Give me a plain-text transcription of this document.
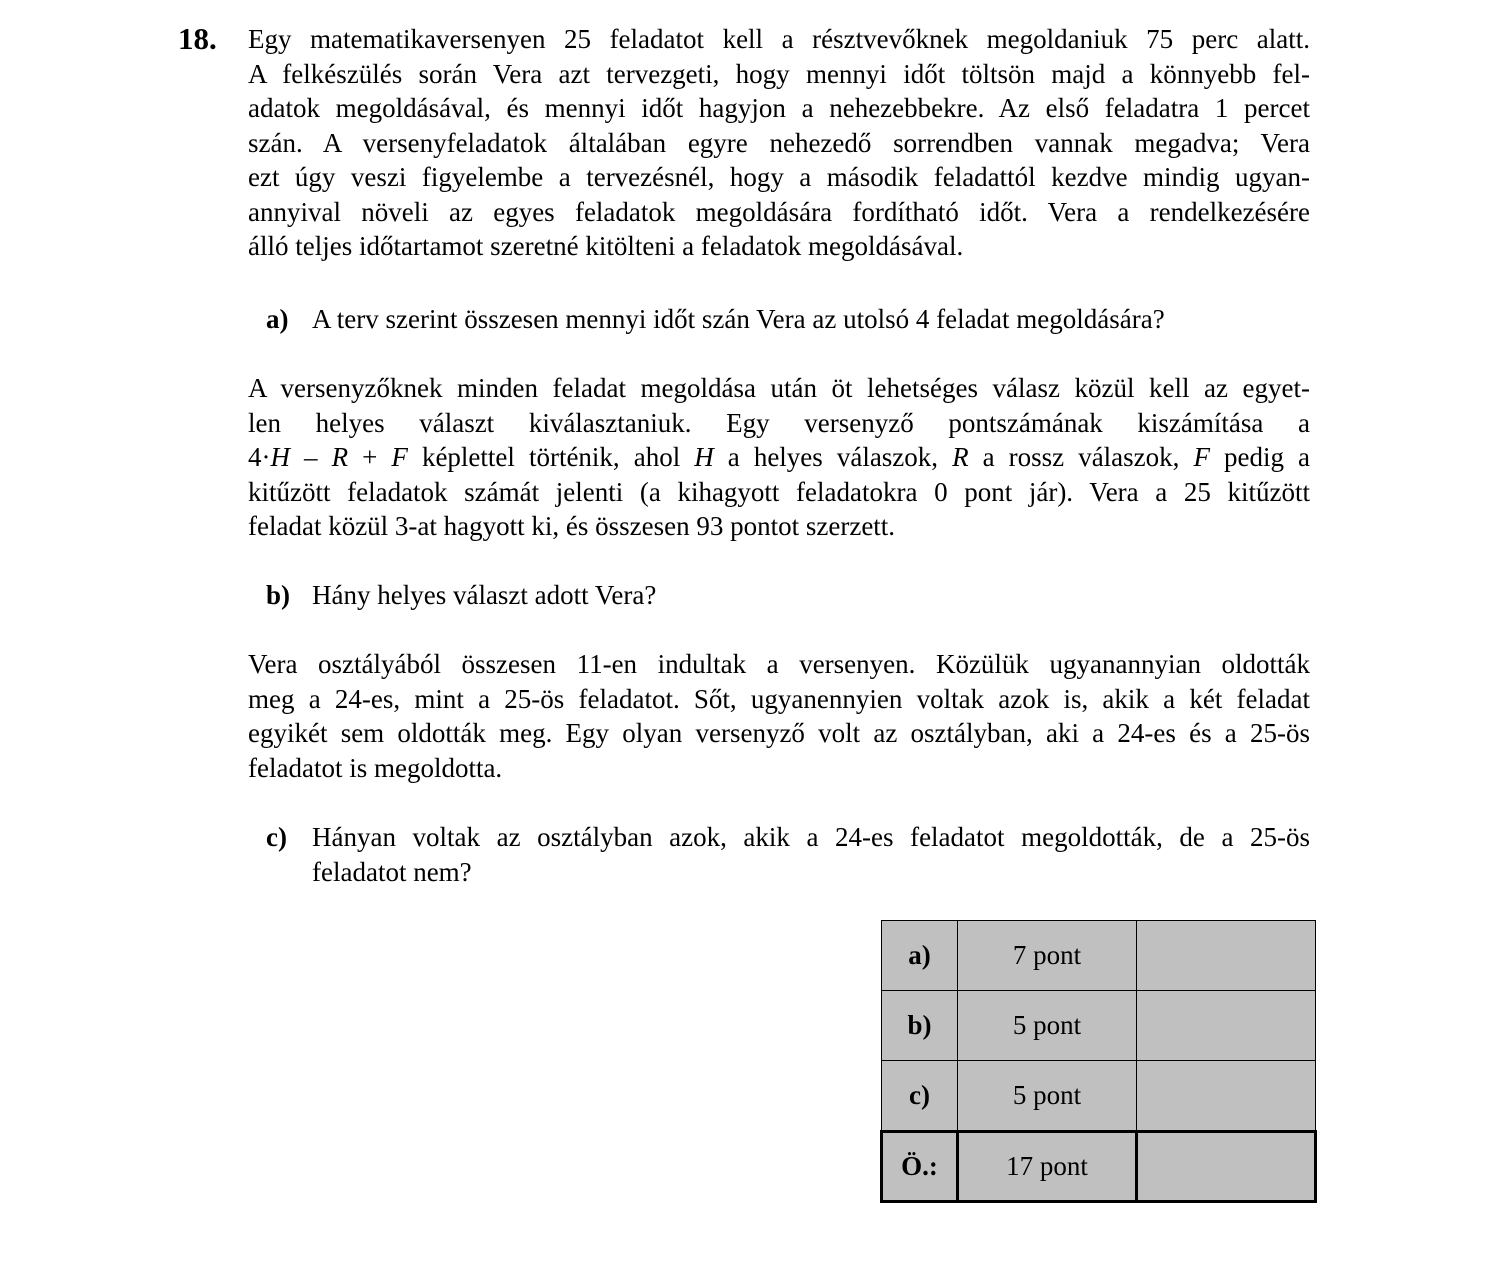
18. Egy matematikaversenyen 25 feladatot kell a résztvevőknek megoldaniuk 75 perc alatt.
A felkészülés során Vera azt tervezgeti, hogy mennyi időt töltsön majd a könnyebb fel-
adatok megoldásával, és mennyi időt hagyjon a nehezebbekre. Az első feladatra 1 percet
szán. A versenyfeladatok általában egyre nehezedő sorrendben vannak megadva; Vera
ezt úgy veszi figyelembe a tervezésnél, hogy a második feladattól kezdve mindig ugyan-
annyival növeli az egyes feladatok megoldására fordítható időt. Vera a rendelkezésére
álló teljes időtartamot szeretné kitölteni a feladatok megoldásával.

a) A terv szerint összesen mennyi időt szán Vera az utolsó 4 feladat megoldására?

A versenyzőknek minden feladat megoldása után öt lehetséges válasz közül kell az egyet-
len helyes választ kiválasztaniuk. Egy versenyző pontszámának kiszámítása a
4·H – R + F képlettel történik, ahol H a helyes válaszok, R a rossz válaszok, F pedig a
kitűzött feladatok számát jelenti (a kihagyott feladatokra 0 pont jár). Vera a 25 kitűzött
feladat közül 3-at hagyott ki, és összesen 93 pontot szerzett.

b) Hány helyes választ adott Vera?

Vera osztályából összesen 11-en indultak a versenyen. Közülük ugyanannyian oldották
meg a 24-es, mint a 25-ös feladatot. Sőt, ugyanennyien voltak azok is, akik a két feladat
egyikét sem oldották meg. Egy olyan versenyző volt az osztályban, aki a 24-es és a 25-ös
feladatot is megoldotta.

c) Hányan voltak az osztályban azok, akik a 24-es feladatot megoldották, de a 25-ös
feladatot nem?
a)	7 pont	
b)	5 pont	
c)	5 pont	
Ö.:	17 pont	
